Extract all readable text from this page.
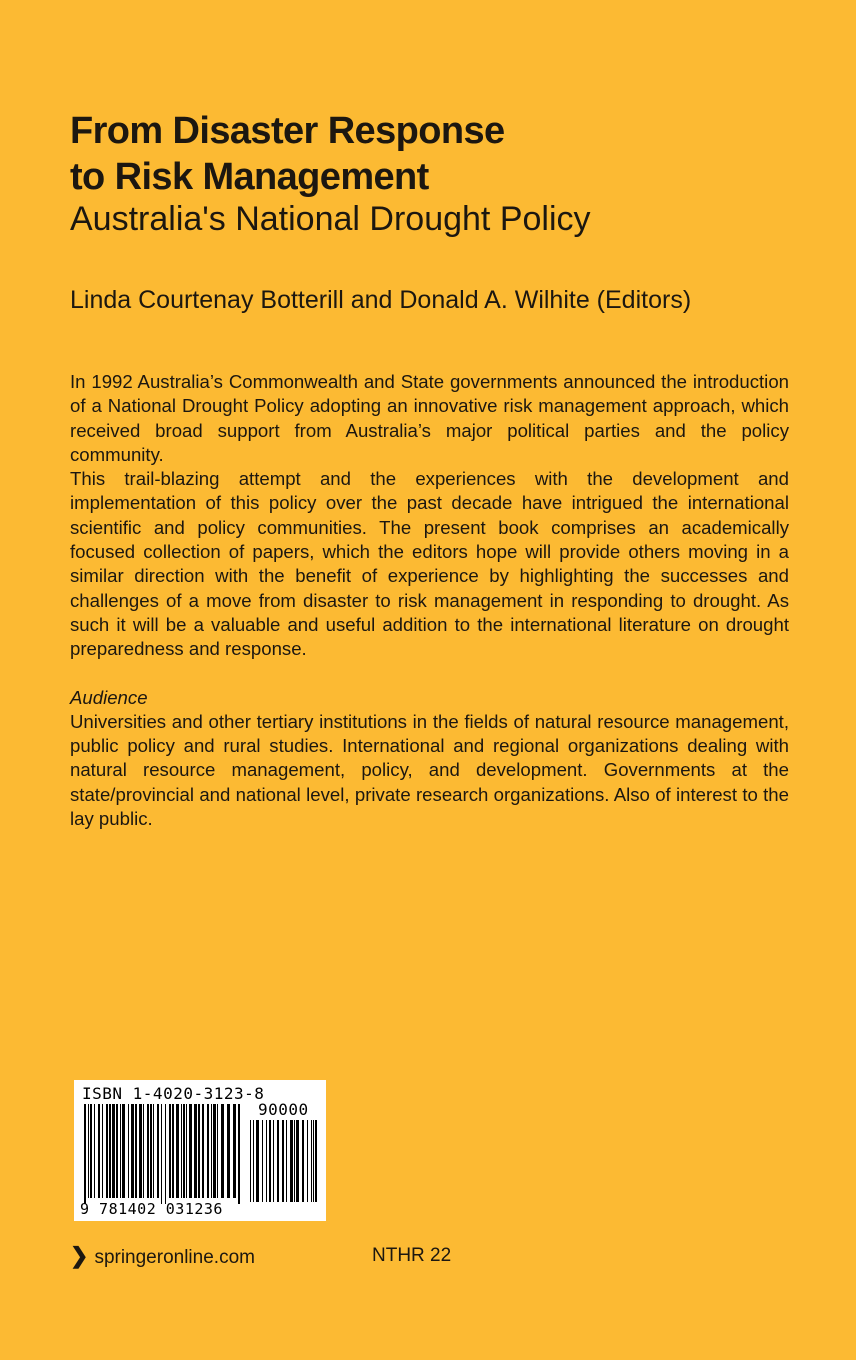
From Disaster Response
to Risk Management
Australia's National Drought Policy
Linda Courtenay Botterill and Donald A. Wilhite (Editors)

In 1992 Australia’s Commonwealth and State governments announced the introduction of a National Drought Policy adopting an innovative risk management approach, which received broad support from Australia’s major political parties and the policy community.

This trail-blazing attempt and the experiences with the development and implementation of this policy over the past decade have intrigued the international scientific and policy communities. The present book comprises an academically focused collection of papers, which the editors hope will provide others moving in a similar direction with the benefit of experience by highlighting the successes and challenges of a move from disaster to risk management in responding to drought. As such it will be a valuable and useful addition to the international literature on drought preparedness and response.

Audience

Universities and other tertiary institutions in the fields of natural resource management, public policy and rural studies. International and regional organizations dealing with natural resource management, policy, and development. Governments at the state/provincial and national level, private research organizations. Also of interest to the lay public.

ISBN 1-4020-3123-8
90000
9 781402 031236
❯ springeronline.com	NTHR 22
